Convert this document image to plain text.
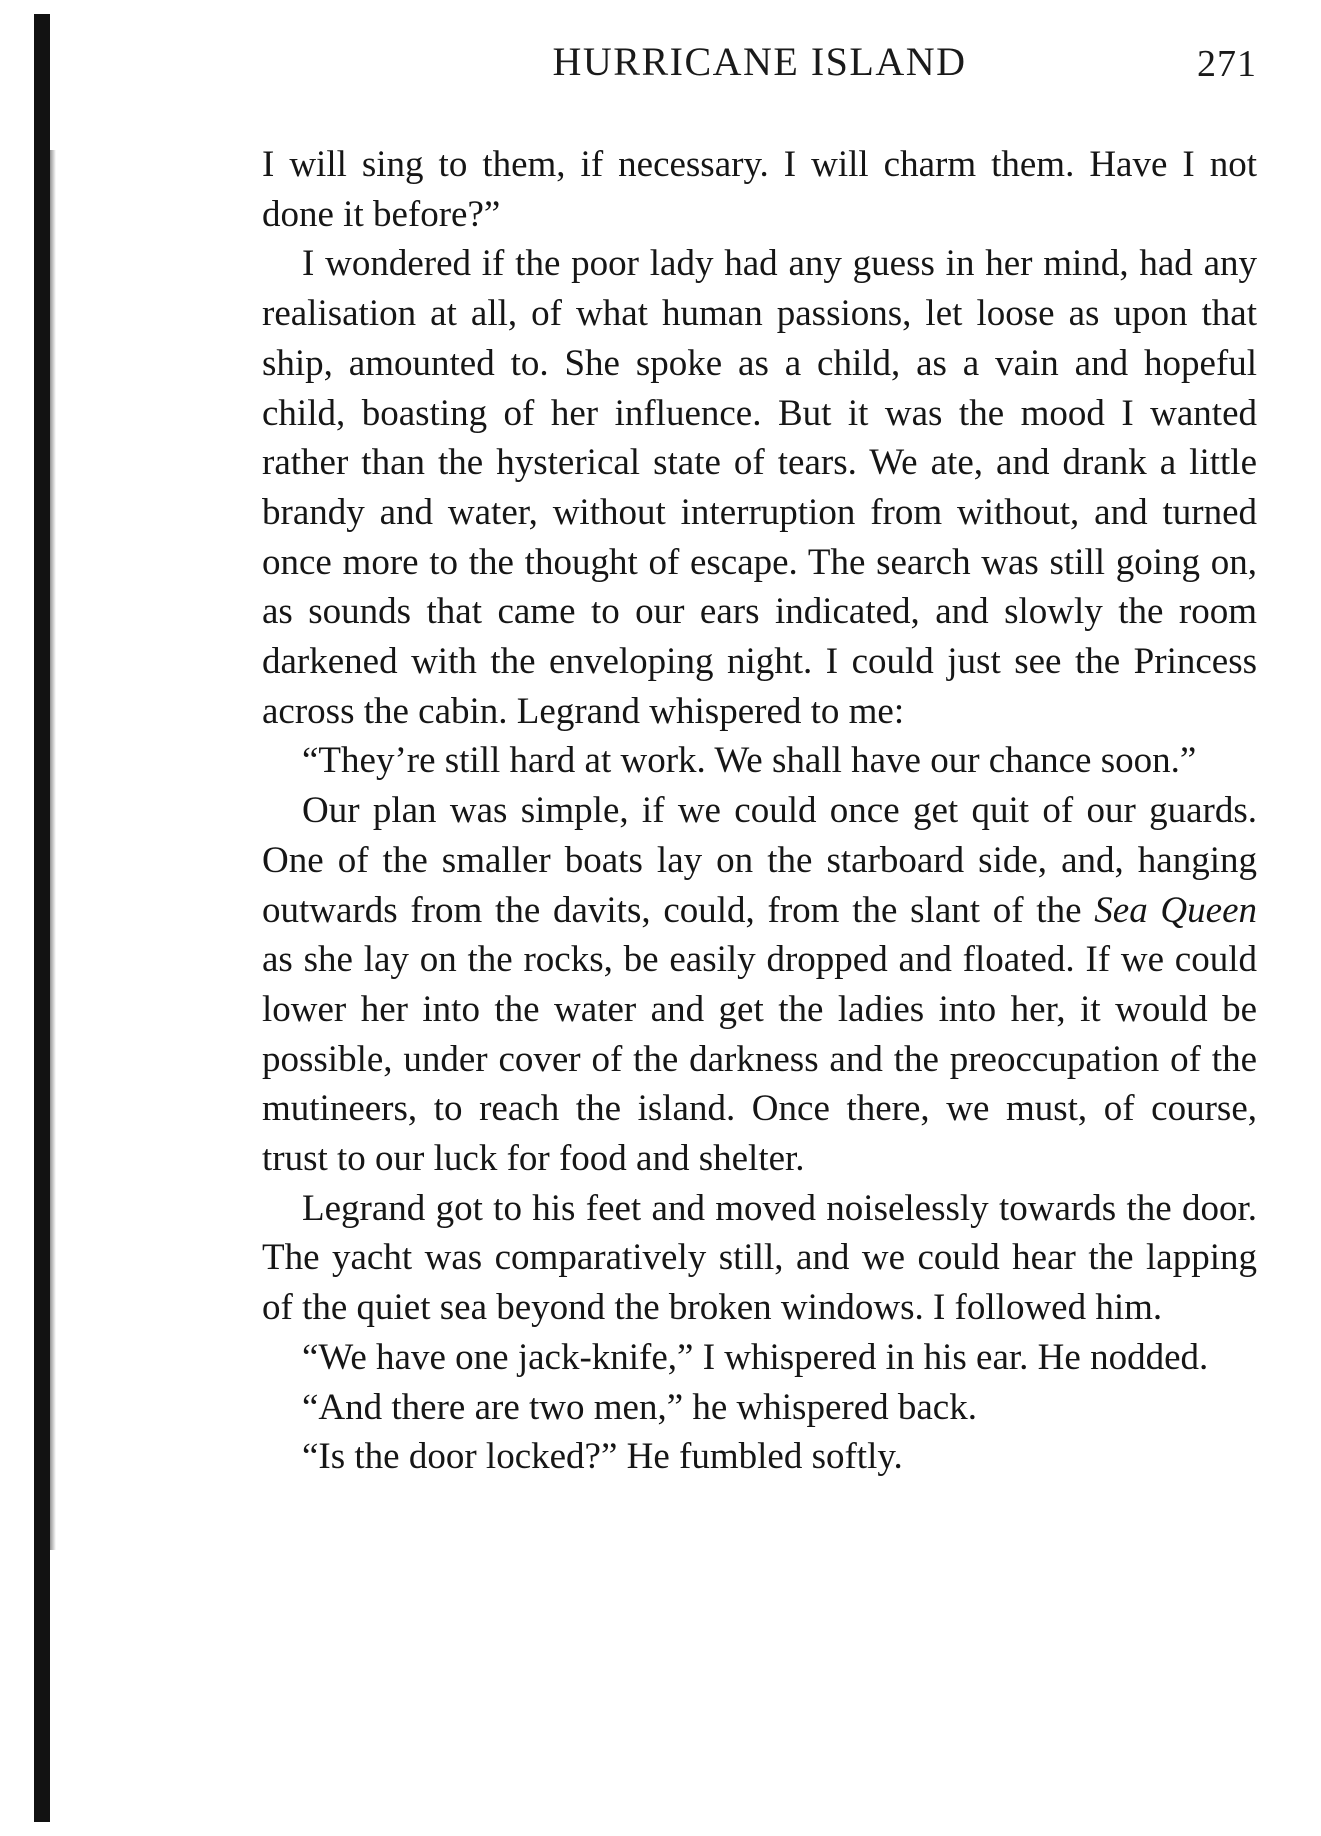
HURRICANE ISLAND	271

I will sing to them, if necessary. I will charm them. Have I not done it before?”

I wondered if the poor lady had any guess in her mind, had any realisation at all, of what human passions, let loose as upon that ship, amounted to. She spoke as a child, as a vain and hopeful child, boasting of her influence. But it was the mood I wanted rather than the hysterical state of tears. We ate, and drank a little brandy and water, without interruption from without, and turned once more to the thought of escape. The search was still going on, as sounds that came to our ears indicated, and slowly the room darkened with the enveloping night. I could just see the Princess across the cabin. Legrand whispered to me:

“They’re still hard at work. We shall have our chance soon.”

Our plan was simple, if we could once get quit of our guards. One of the smaller boats lay on the starboard side, and, hanging outwards from the davits, could, from the slant of the Sea Queen as she lay on the rocks, be easily dropped and floated. If we could lower her into the water and get the ladies into her, it would be possible, under cover of the darkness and the preoccupation of the mutineers, to reach the island. Once there, we must, of course, trust to our luck for food and shelter.

Legrand got to his feet and moved noiselessly towards the door. The yacht was comparatively still, and we could hear the lapping of the quiet sea beyond the broken windows. I followed him.

“We have one jack-knife,” I whispered in his ear. He nodded.

“And there are two men,” he whispered back.

“Is the door locked?” He fumbled softly.
